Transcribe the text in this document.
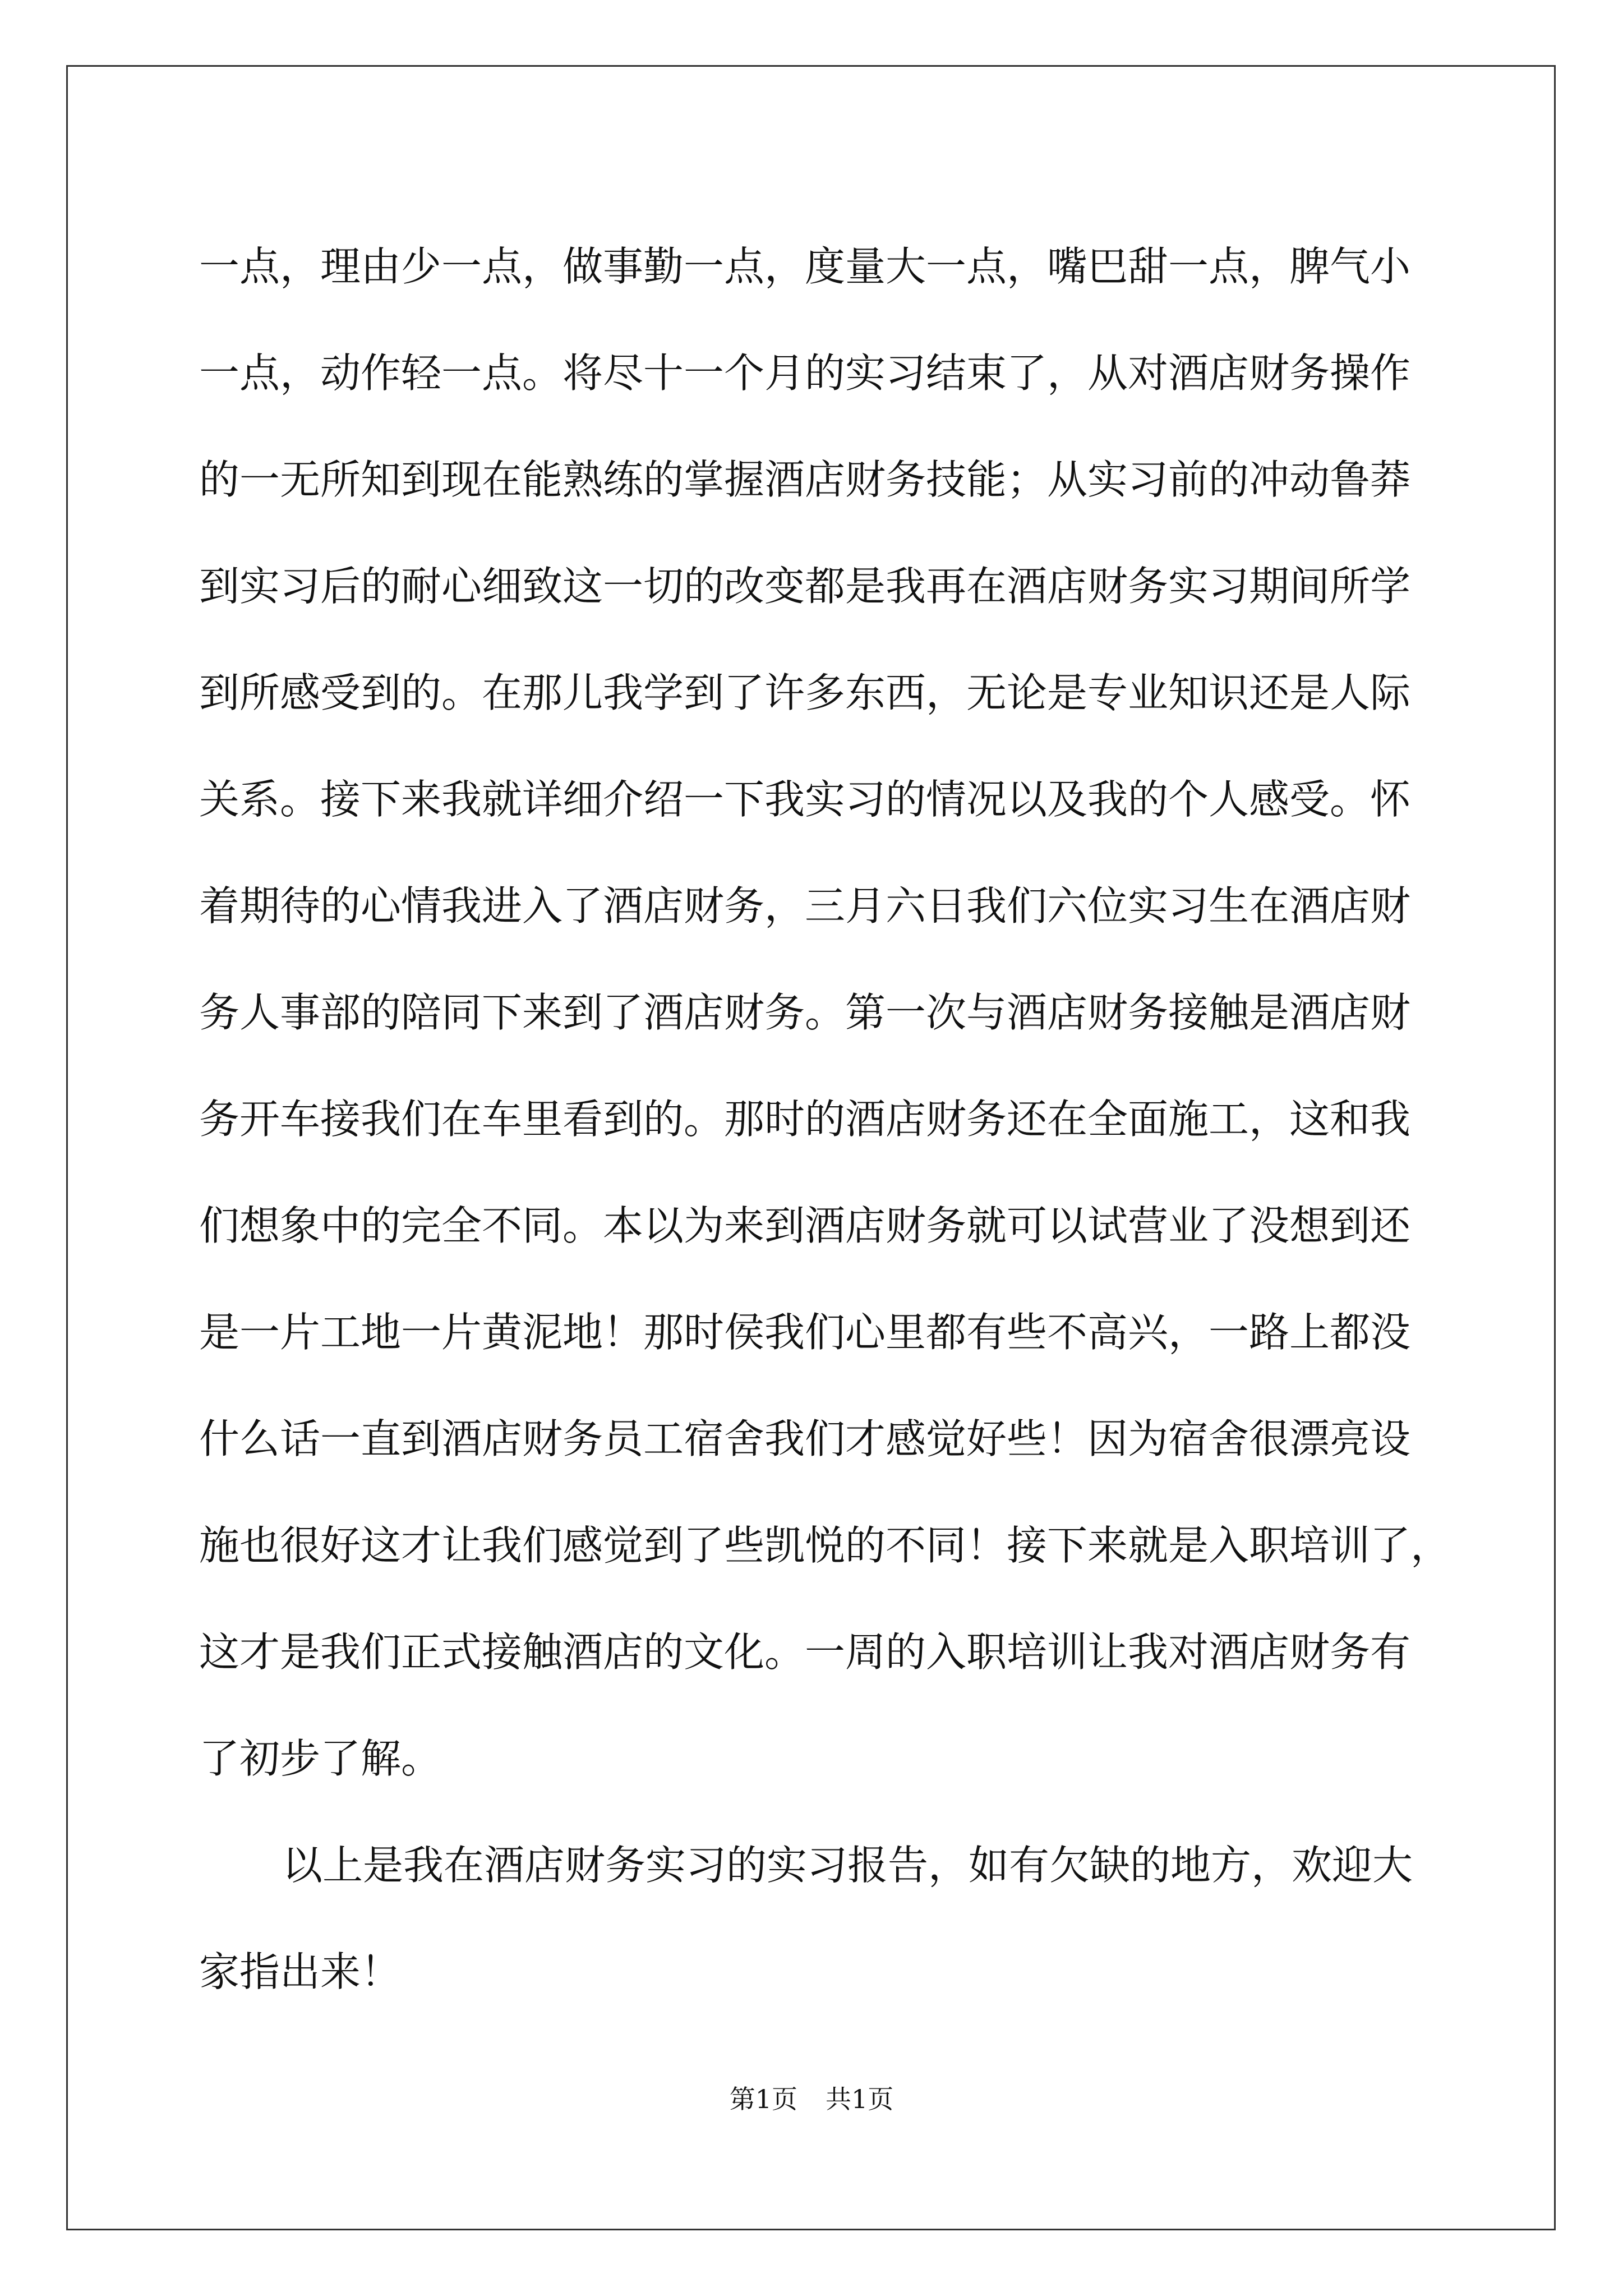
一点，理由少一点，做事勤一点，度量大一点，嘴巴甜一点，脾气小
一点，动作轻一点。将尽十一个月的实习结束了，从对酒店财务操作
的一无所知到现在能熟练的掌握酒店财务技能；从实习前的冲动鲁莽
到实习后的耐心细致这一切的改变都是我再在酒店财务实习期间所学
到所感受到的。在那儿我学到了许多东西，无论是专业知识还是人际
关系。接下来我就详细介绍一下我实习的情况以及我的个人感受。怀
着期待的心情我进入了酒店财务，三月六日我们六位实习生在酒店财
务人事部的陪同下来到了酒店财务。第一次与酒店财务接触是酒店财
务开车接我们在车里看到的。那时的酒店财务还在全面施工，这和我
们想象中的完全不同。本以为来到酒店财务就可以试营业了没想到还
是一片工地一片黄泥地！那时侯我们心里都有些不高兴，一路上都没
什么话一直到酒店财务员工宿舍我们才感觉好些！因为宿舍很漂亮设
施也很好这才让我们感觉到了些凯悦的不同！接下来就是入职培训了，
这才是我们正式接触酒店的文化。一周的入职培训让我对酒店财务有
了初步了解。
以上是我在酒店财务实习的实习报告，如有欠缺的地方，欢迎大
家指出来！
第1页 共1页
